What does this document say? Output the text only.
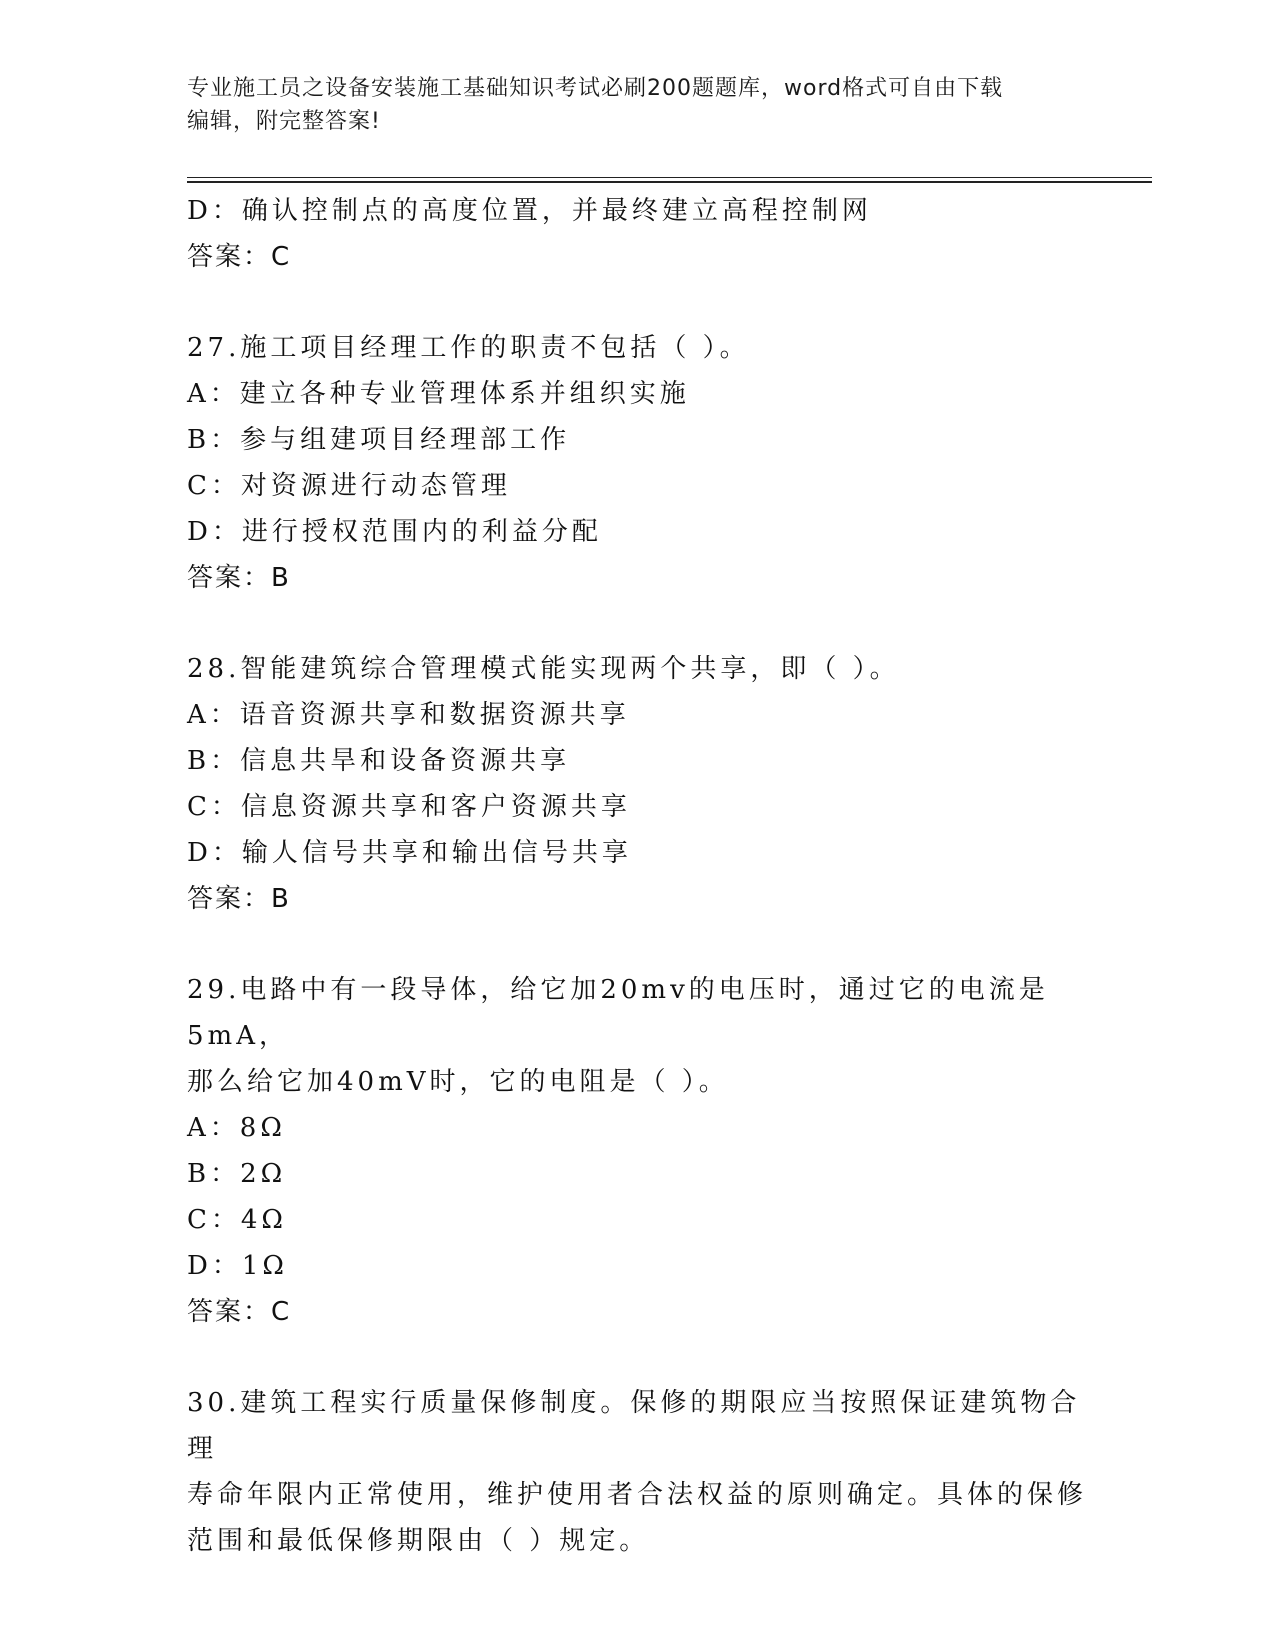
专业施工员之设备安装施工基础知识考试必刷200题题库，word格式可自由下载
编辑，附完整答案!
D：确认控制点的高度位置，并最终建立高程控制网
答案：C
27.施工项目经理工作的职责不包括（ ）。
A：建立各种专业管理体系并组织实施
B：参与组建项目经理部工作
C：对资源进行动态管理
D：进行授权范围内的利益分配
答案：B
28.智能建筑综合管理模式能实现两个共享，即（ ）。
A：语音资源共享和数据资源共享
B：信息共旱和设备资源共享
C：信息资源共享和客户资源共享
D：输人信号共享和输出信号共享
答案：B
29.电路中有一段导体，给它加20mv的电压时，通过它的电流是5mA，
那么给它加40mV时，它的电阻是（ ）。
A：8Ω
B：2Ω
C：4Ω
D：1Ω
答案：C
30.建筑工程实行质量保修制度。保修的期限应当按照保证建筑物合理
寿命年限内正常使用，维护使用者合法权益的原则确定。具体的保修
范围和最低保修期限由（ ）规定。
